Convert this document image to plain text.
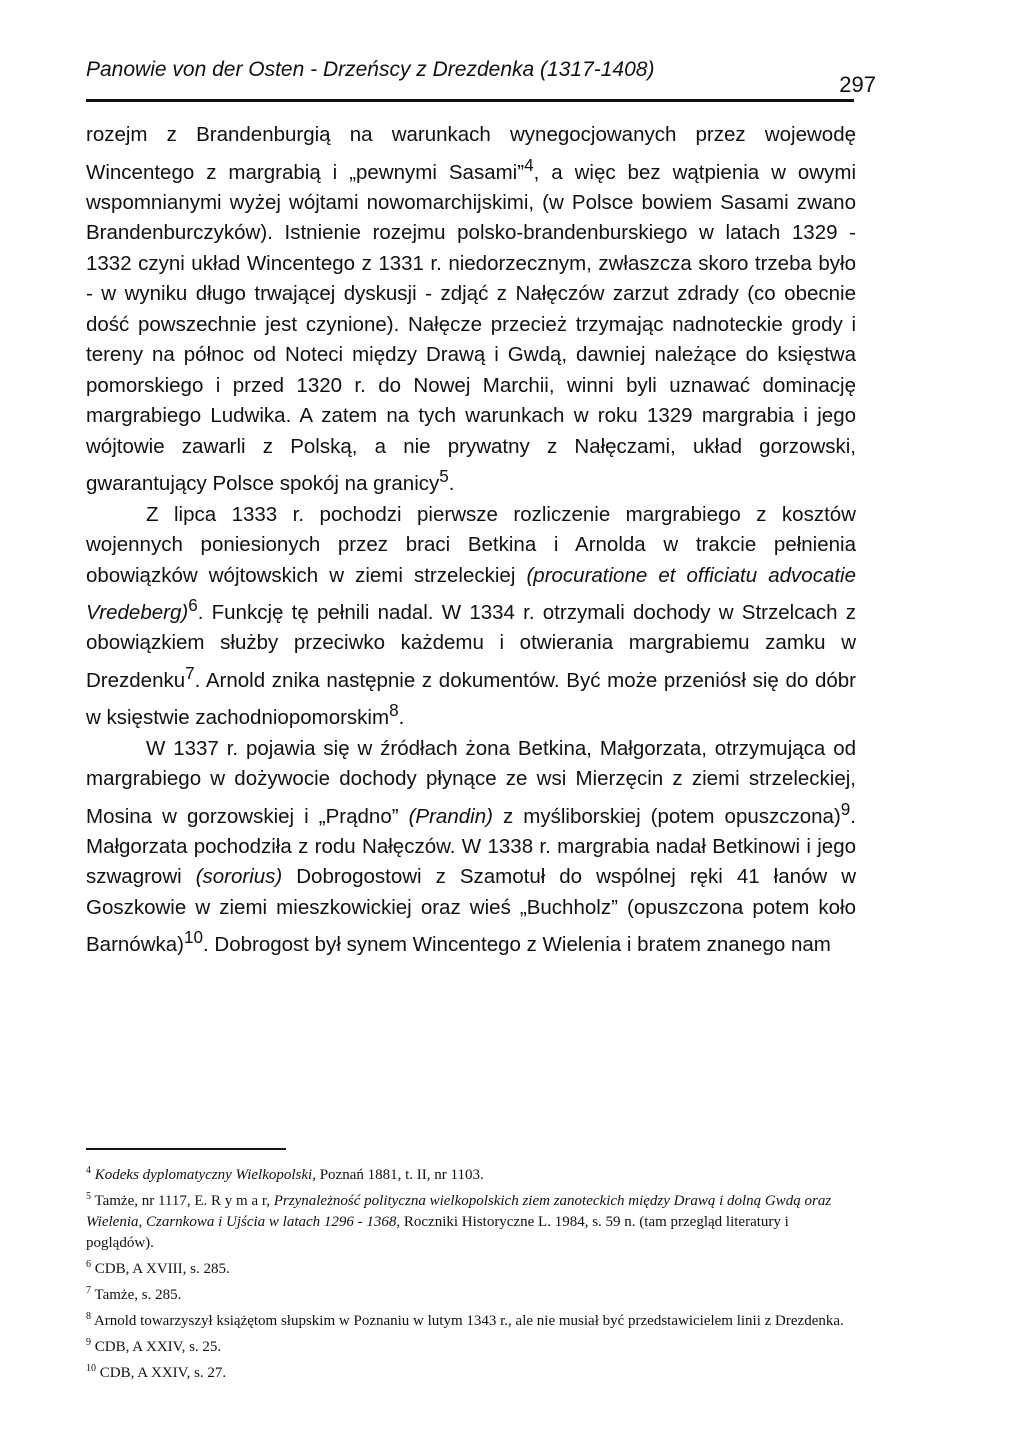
Panowie von der Osten - Drzeńscy z Drezdenka (1317-1408)
297

rozejm z Brandenburgią na warunkach wynegocjowanych przez wojewodę Wincentego z margrabią i „pewnymi Sasami”$^4$, a więc bez wątpienia w owymi wspomnianymi wyżej wójtami nowomarchijskimi, (w Polsce bowiem Sasami zwano Brandenburczyków). Istnienie rozejmu polsko-brandenburskiego w latach 1329 - 1332 czyni układ Wincentego z 1331 r. niedorzecznym, zwłaszcza skoro trzeba było - w wyniku długo trwającej dyskusji - zdjąć z Nałęczów zarzut zdrady (co obecnie dość powszechnie jest czynione). Nałęcze przecież trzymając nadnoteckie grody i tereny na północ od Noteci między Drawą i Gwdą, dawniej należące do księstwa pomorskiego i przed 1320 r. do Nowej Marchii, winni byli uznawać dominację margrabiego Ludwika. A zatem na tych warunkach w roku 1329 margrabia i jego wójtowie zawarli z Polską, a nie prywatny z Nałęczami, układ gorzowski, gwarantujący Polsce spokój na granicy$^5$.

Z lipca 1333 r. pochodzi pierwsze rozliczenie margrabiego z kosztów wojennych poniesionych przez braci Betkina i Arnolda w trakcie pełnienia obowiązków wójtowskich w ziemi strzeleckiej (procuratione et officiatu advocatie Vredeberg)$^6$. Funkcję tę pełnili nadal. W 1334 r. otrzymali dochody w Strzelcach z obowiązkiem służby przeciwko każdemu i otwierania margrabiemu zamku w Drezdenku$^7$. Arnold znika następnie z dokumentów. Być może przeniósł się do dóbr w księstwie zachodniopomorskim$^8$.

W 1337 r. pojawia się w źródłach żona Betkina, Małgorzata, otrzymująca od margrabiego w dożywocie dochody płynące ze wsi Mierzęcin z ziemi strzeleckiej, Mosina w gorzowskiej i „Prądno” (Prandin) z myśliborskiej (potem opuszczona)$^9$. Małgorzata pochodziła z rodu Nałęczów. W 1338 r. margrabia nadał Betkinowi i jego szwagrowi (sororius) Dobrogostowi z Szamotuł do wspólnej ręki 41 łanów w Goszkowie w ziemi mieszkowickiej oraz wieś „Buchholz” (opuszczona potem koło Barnówka)$^{10}$. Dobrogost był synem Wincentego z Wielenia i bratem znanego nam

$^4$ Kodeks dyplomatyczny Wielkopolski, Poznań 1881, t. II, nr 1103.

$^5$ Tamże, nr 1117, E. R y m a r, Przynależność polityczna wielkopolskich ziem zanoteckich między Drawą i dolną Gwdą oraz Wielenia, Czarnkowa i Ujścia w latach 1296 - 1368, Roczniki Historyczne L. 1984, s. 59 n. (tam przegląd literatury i poglądów).

$^6$ CDB, A XVIII, s. 285.

$^7$ Tamże, s. 285.

$^8$ Arnold towarzyszył książętom słupskim w Poznaniu w lutym 1343 r., ale nie musiał być przedstawicielem linii z Drezdenka.

$^9$ CDB, A XXIV, s. 25.

$^{10}$ CDB, A XXIV, s. 27.
